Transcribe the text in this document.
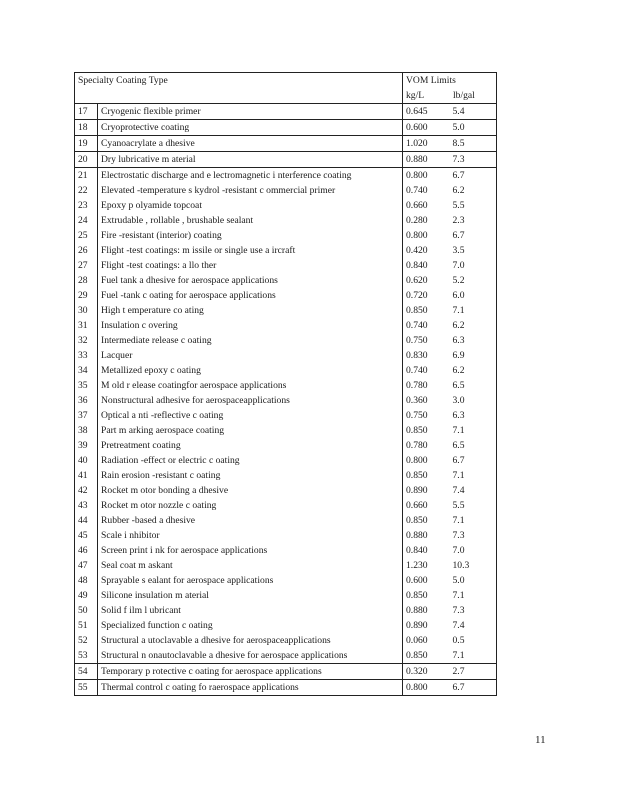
Specialty Coating Type		VOM Limits
kg/L lb/gal	

17	Cryogenic flexible primer	0.645	5.4
18	Cryoprotective coating	0.600	5.0
19	Cyanoacrylate a dhesive	1.020	8.5
20	Dry lubricative m aterial	0.880	7.3
21	Electrostatic discharge and e lectromagnetic i nterference coating	0.800	6.7
22	Elevated -temperature s kydrol -resistant c ommercial primer	0.740	6.2
23	Epoxy p olyamide topcoat	0.660	5.5
24	Extrudable , rollable , brushable sealant	0.280	2.3
25	Fire -resistant (interior) coating	0.800	6.7
26	Flight -test coatings: m issile or single use a ircraft	0.420	3.5
27	Flight -test coatings: a llo ther	0.840	7.0
28	Fuel tank a dhesive for aerospace applications	0.620	5.2
29	Fuel -tank c oating for aerospace applications	0.720	6.0
30	High t emperature co ating	0.850	7.1
31	Insulation c overing	0.740	6.2
32	Intermediate release c oating	0.750	6.3
33	Lacquer	0.830	6.9
34	Metallized epoxy c oating	0.740	6.2
35	M old r elease coatingfor aerospace applications	0.780	6.5
36	Nonstructural adhesive for aerospaceapplications	0.360	3.0
37	Optical a nti -reflective c oating	0.750	6.3
38	Part m arking aerospace coating	0.850	7.1
39	Pretreatment coating	0.780	6.5
40	Radiation -effect or electric c oating	0.800	6.7
41	Rain erosion -resistant c oating	0.850	7.1
42	Rocket m otor bonding a dhesive	0.890	7.4
43	Rocket m otor nozzle c oating	0.660	5.5
44	Rubber -based a dhesive	0.850	7.1
45	Scale i nhibitor	0.880	7.3
46	Screen print i nk for aerospace applications	0.840	7.0
47	Seal coat m askant	1.230	10.3
48	Sprayable s ealant for aerospace applications	0.600	5.0
49	Silicone insulation m aterial	0.850	7.1
50	Solid f ilm l ubricant	0.880	7.3
51	Specialized function c oating	0.890	7.4
52	Structural a utoclavable a dhesive for aerospaceapplications	0.060	0.5
53	Structural n onautoclavable a dhesive for aerospace applications	0.850	7.1
54	Temporary p rotective c oating for aerospace applications	0.320	2.7
55	Thermal control c oating fo raerospace applications	0.800	6.7
11
